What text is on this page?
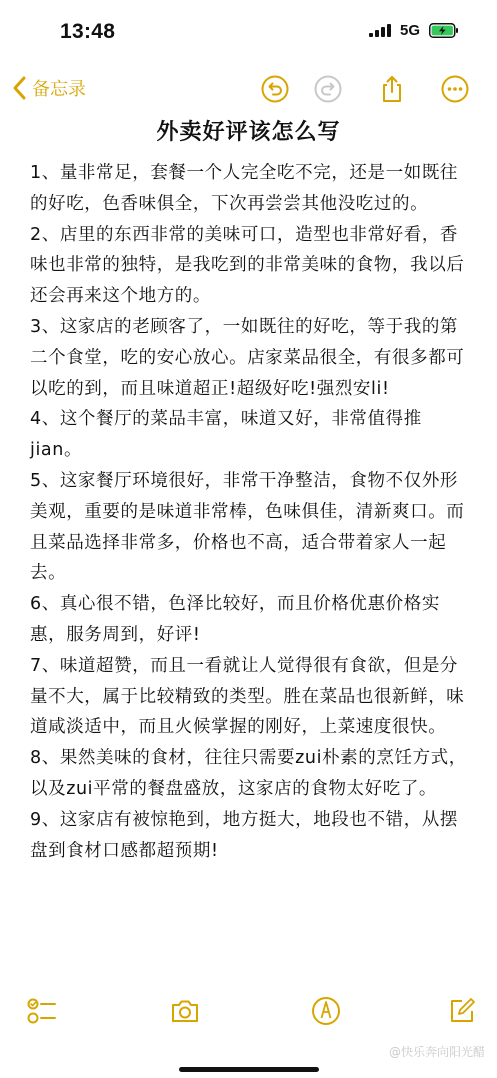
13:48	5G
备忘录
外卖好评该怎么写

1、量非常足，套餐一个人完全吃不完，还是一如既往的好吃，色香味俱全，下次再尝尝其他没吃过的。

2、店里的东西非常的美味可口，造型也非常好看，香味也非常的独特，是我吃到的非常美味的食物，我以后还会再来这个地方的。

3、这家店的老顾客了，一如既往的好吃，等于我的第二个食堂，吃的安心放心。店家菜品很全，有很多都可以吃的到，而且味道超正!超级好吃!强烈安li!

4、这个餐厅的菜品丰富，味道又好，非常值得推jian。

5、这家餐厅环境很好，非常干净整洁，食物不仅外形美观，重要的是味道非常棒，色味俱佳，清新爽口。而且菜品选择非常多，价格也不高，适合带着家人一起去。

6、真心很不错，色泽比较好，而且价格优惠价格实惠，服务周到，好评!

7、味道超赞，而且一看就让人觉得很有食欲，但是分量不大，属于比较精致的类型。胜在菜品也很新鲜，味道咸淡适中，而且火候掌握的刚好，上菜速度很快。

8、果然美味的食材，往往只需要zui朴素的烹饪方式，以及zui平常的餐盘盛放，这家店的食物太好吃了。

9、这家店有被惊艳到，地方挺大，地段也不错，从摆盘到食材口感都超预期!

@快乐奔向阳光醋
